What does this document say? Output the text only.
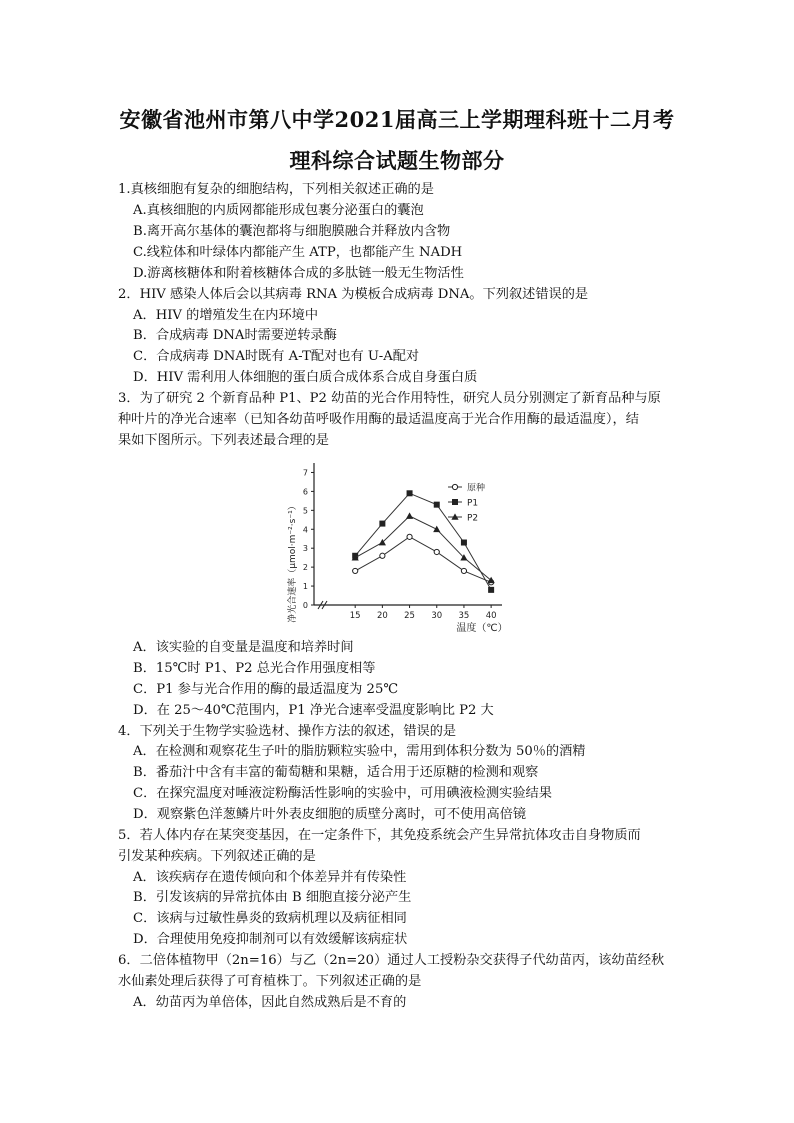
安徽省池州市第八中学2021届高三上学期理科班十二月考
理科综合试题生物部分
1.真核细胞有复杂的细胞结构，下列相关叙述正确的是
A.真核细胞的内质网都能形成包裹分泌蛋白的囊泡
B.离开高尔基体的囊泡都将与细胞膜融合并释放内含物
C.线粒体和叶绿体内都能产生 ATP，也都能产生 NADH
D.游离核糖体和附着核糖体合成的多肽链一般无生物活性
2．HIV 感染人体后会以其病毒 RNA 为模板合成病毒 DNA。下列叙述错误的是
A．HIV 的增殖发生在内环境中
B．合成病毒 DNA时需要逆转录酶
C．合成病毒 DNA时既有 A-T配对也有 U-A配对
D．HIV 需利用人体细胞的蛋白质合成体系合成自身蛋白质
3．为了研究 2 个新育品种 P1、P2 幼苗的光合作用特性，研究人员分别测定了新育品种与原
种叶片的净光合速率（已知各幼苗呼吸作用酶的最适温度高于光合作用酶的最适温度），结
果如下图所示。下列表述最合理的是
0
1
2
3
4
5
6
7
15 20 25 30 35 40
原种
P1
P2
净光合速率（μmol·m⁻²·s⁻¹）
温度（℃）
A．该实验的自变量是温度和培养时间
B．15℃时 P1、P2 总光合作用强度相等
C．P1 参与光合作用的酶的最适温度为 25℃
D．在 25～40℃范围内，P1 净光合速率受温度影响比 P2 大
4．下列关于生物学实验选材、操作方法的叙述，错误的是
A．在检测和观察花生子叶的脂肪颗粒实验中，需用到体积分数为 50％的酒精
B．番茄汁中含有丰富的葡萄糖和果糖，适合用于还原糖的检测和观察
C．在探究温度对唾液淀粉酶活性影响的实验中，可用碘液检测实验结果
D．观察紫色洋葱鳞片叶外表皮细胞的质壁分离时，可不使用高倍镜
5．若人体内存在某突变基因，在一定条件下，其免疫系统会产生异常抗体攻击自身物质而
引发某种疾病。下列叙述正确的是
A．该疾病存在遗传倾向和个体差异并有传染性
B．引发该病的异常抗体由 B 细胞直接分泌产生
C．该病与过敏性鼻炎的致病机理以及病征相同
D．合理使用免疫抑制剂可以有效缓解该病症状
6．二倍体植物甲（2n=16）与乙（2n=20）通过人工授粉杂交获得子代幼苗丙，该幼苗经秋
水仙素处理后获得了可育植株丁。下列叙述正确的是
A．幼苗丙为单倍体，因此自然成熟后是不育的
